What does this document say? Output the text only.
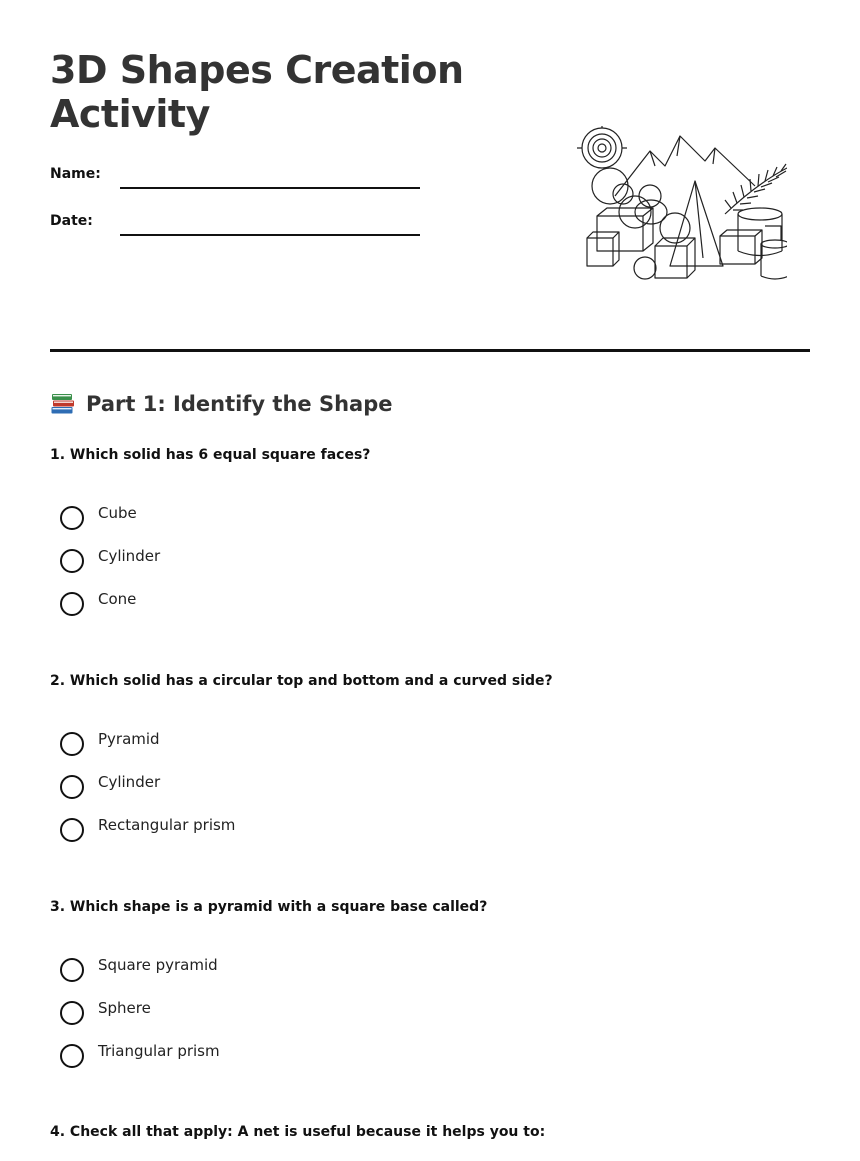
3D Shapes Creation Activity
Name:
Date:
Part 1: Identify the Shape

1. Which solid has 6 equal square faces?

Cube
Cylinder
Cone

2. Which solid has a circular top and bottom and a curved side?

Pyramid
Cylinder
Rectangular prism

3. Which shape is a pyramid with a square base called?

Square pyramid
Sphere
Triangular prism

4. Check all that apply: A net is useful because it helps you to:
